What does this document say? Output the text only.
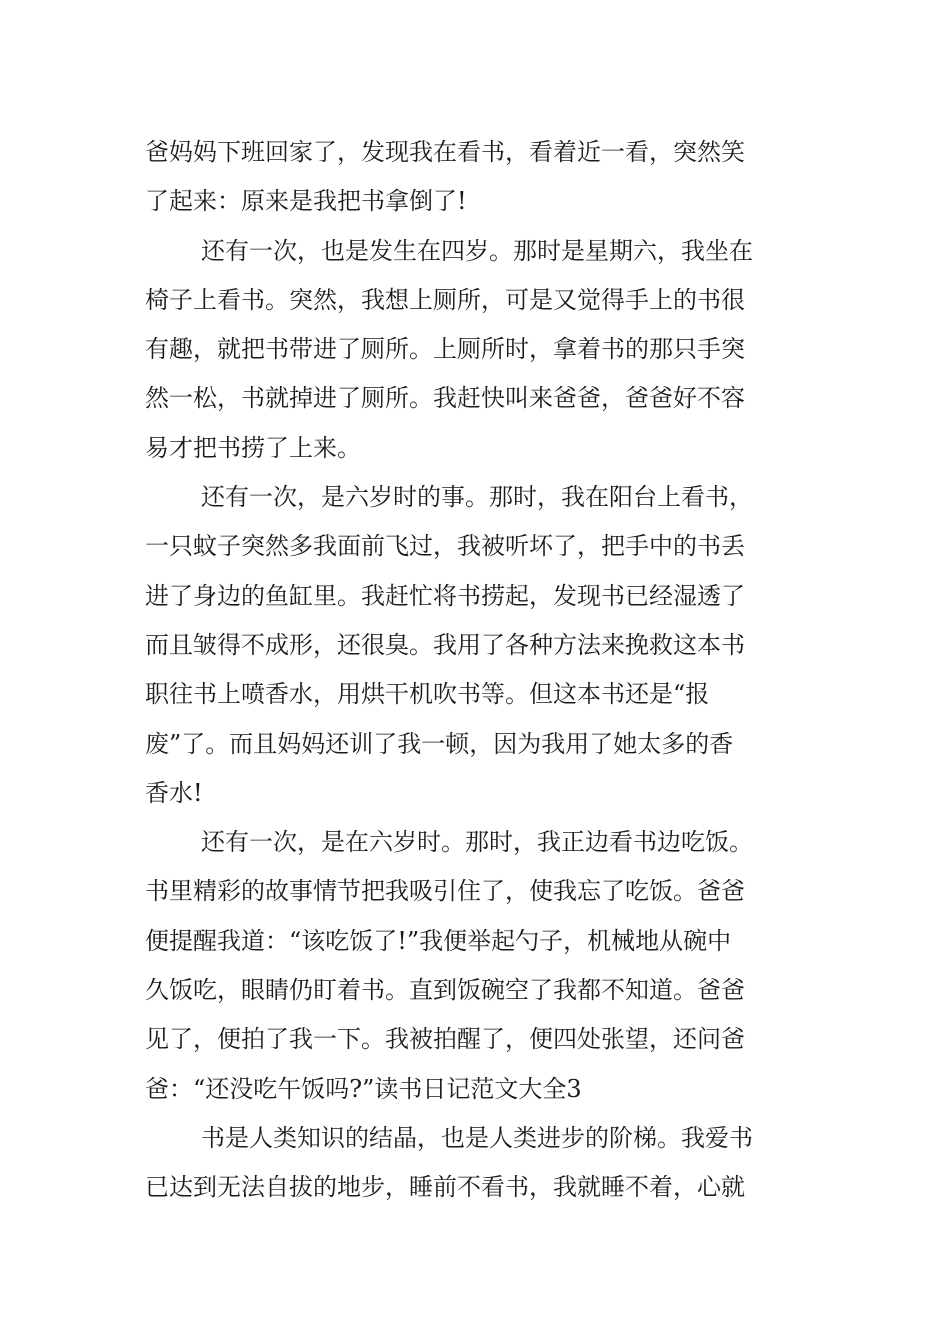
爸妈妈下班回家了，发现我在看书，看着近一看，突然笑
了起来：原来是我把书拿倒了!
还有一次，也是发生在四岁。那时是星期六，我坐在
椅子上看书。突然，我想上厕所，可是又觉得手上的书很
有趣，就把书带进了厕所。上厕所时，拿着书的那只手突
然一松，书就掉进了厕所。我赶快叫来爸爸，爸爸好不容
易才把书捞了上来。
还有一次，是六岁时的事。那时，我在阳台上看书，
一只蚊子突然多我面前飞过，我被听坏了，把手中的书丢
进了身边的鱼缸里。我赶忙将书捞起，发现书已经湿透了
而且皱得不成形，还很臭。我用了各种方法来挽救这本书
职往书上喷香水，用烘干机吹书等。但这本书还是“报
废”了。而且妈妈还训了我一顿，因为我用了她太多的香
香水!
还有一次，是在六岁时。那时，我正边看书边吃饭。
书里精彩的故事情节把我吸引住了，使我忘了吃饭。爸爸
便提醒我道：“该吃饭了!”我便举起勺子，机械地从碗中
久饭吃，眼睛仍盯着书。直到饭碗空了我都不知道。爸爸
见了，便拍了我一下。我被拍醒了，便四处张望，还问爸
爸：“还没吃午饭吗?”读书日记范文大全3
书是人类知识的结晶，也是人类进步的阶梯。我爱书
已达到无法自拔的地步，睡前不看书，我就睡不着，心就
